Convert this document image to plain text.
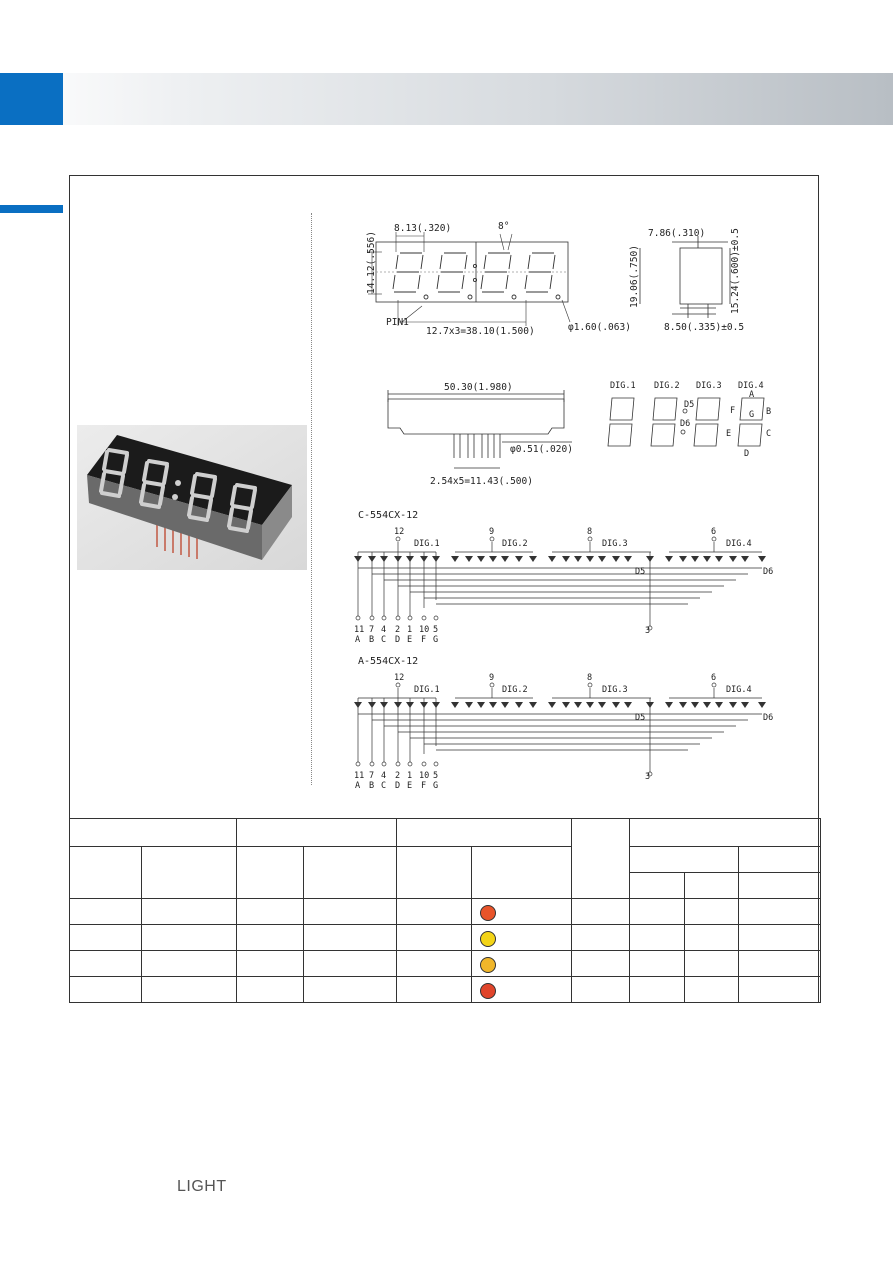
8.13(.320)	8°
14.12(.556)
PIN1
12.7x3=38.10(1.500)	φ1.60(.063)
7.86(.310)
19.06(.750)	15.24(.600)±0.5
8.50(.335)±0.5
50.30(1.980)
φ0.51(.020)
2.54x5=11.43(.500)
DIG.1 DIG.2 DIG.3 DIG.4
A
B
C
D
E
F G
D5
D6
C-554CX-12
12	9	8	6
DIG.1	DIG.2	DIG.3	DIG.4
D5	D6
3
11 7 4 2 1 10 5
A B C D E F G
A-554CX-12
12	9	8	6
DIG.1	DIG.2	DIG.3	DIG.4
D5	D6
3
11 7 4 2 1 10 5
A B C D E F G

LIGHT
